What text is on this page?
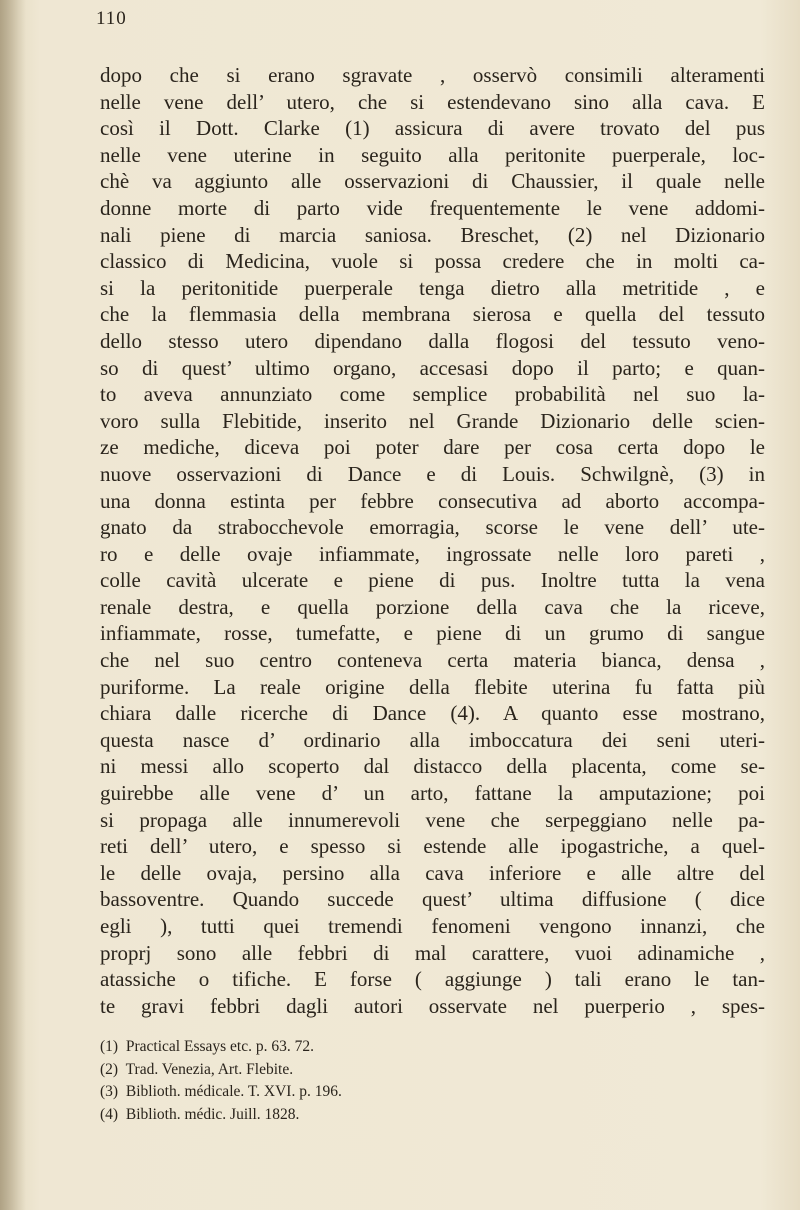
110
dopo che si erano sgravate , osservò consimili alteramenti
nelle vene dell’ utero, che si estendevano sino alla cava. E
così il Dott. Clarke (1) assicura di avere trovato del pus
nelle vene uterine in seguito alla peritonite puerperale, loc-
chè va aggiunto alle osservazioni di Chaussier, il quale nelle
donne morte di parto vide frequentemente le vene addomi-
nali piene di marcia saniosa. Breschet, (2) nel Dizionario
classico di Medicina, vuole si possa credere che in molti ca-
si la peritonitide puerperale tenga dietro alla metritide , e
che la flemmasia della membrana sierosa e quella del tessuto
dello stesso utero dipendano dalla flogosi del tessuto veno-
so di quest’ ultimo organo, accesasi dopo il parto; e quan-
to aveva annunziato come semplice probabilità nel suo la-
voro sulla Flebitide, inserito nel Grande Dizionario delle scien-
ze mediche, diceva poi poter dare per cosa certa dopo le
nuove osservazioni di Dance e di Louis. Schwilgnè, (3) in
una donna estinta per febbre consecutiva ad aborto accompa-
gnato da strabocchevole emorragia, scorse le vene dell’ ute-
ro e delle ovaje infiammate, ingrossate nelle loro pareti ,
colle cavità ulcerate e piene di pus. Inoltre tutta la vena
renale destra, e quella porzione della cava che la riceve,
infiammate, rosse, tumefatte, e piene di un grumo di sangue
che nel suo centro conteneva certa materia bianca, densa ,
puriforme. La reale origine della flebite uterina fu fatta più
chiara dalle ricerche di Dance (4). A quanto esse mostrano,
questa nasce d’ ordinario alla imboccatura dei seni uteri-
ni messi allo scoperto dal distacco della placenta, come se-
guirebbe alle vene d’ un arto, fattane la amputazione; poi
si propaga alle innumerevoli vene che serpeggiano nelle pa-
reti dell’ utero, e spesso si estende alle ipogastriche, a quel-
le delle ovaja, persino alla cava inferiore e alle altre del
bassoventre. Quando succede quest’ ultima diffusione ( dice
egli ), tutti quei tremendi fenomeni vengono innanzi, che
proprj sono alle febbri di mal carattere, vuoi adinamiche ,
atassiche o tifiche. E forse ( aggiunge ) tali erano le tan-
te gravi febbri dagli autori osservate nel puerperio , spes-
(1) Practical Essays etc. p. 63. 72.
(2) Trad. Venezia, Art. Flebite.
(3) Biblioth. médicale. T. XVI. p. 196.
(4) Biblioth. médic. Juill. 1828.
